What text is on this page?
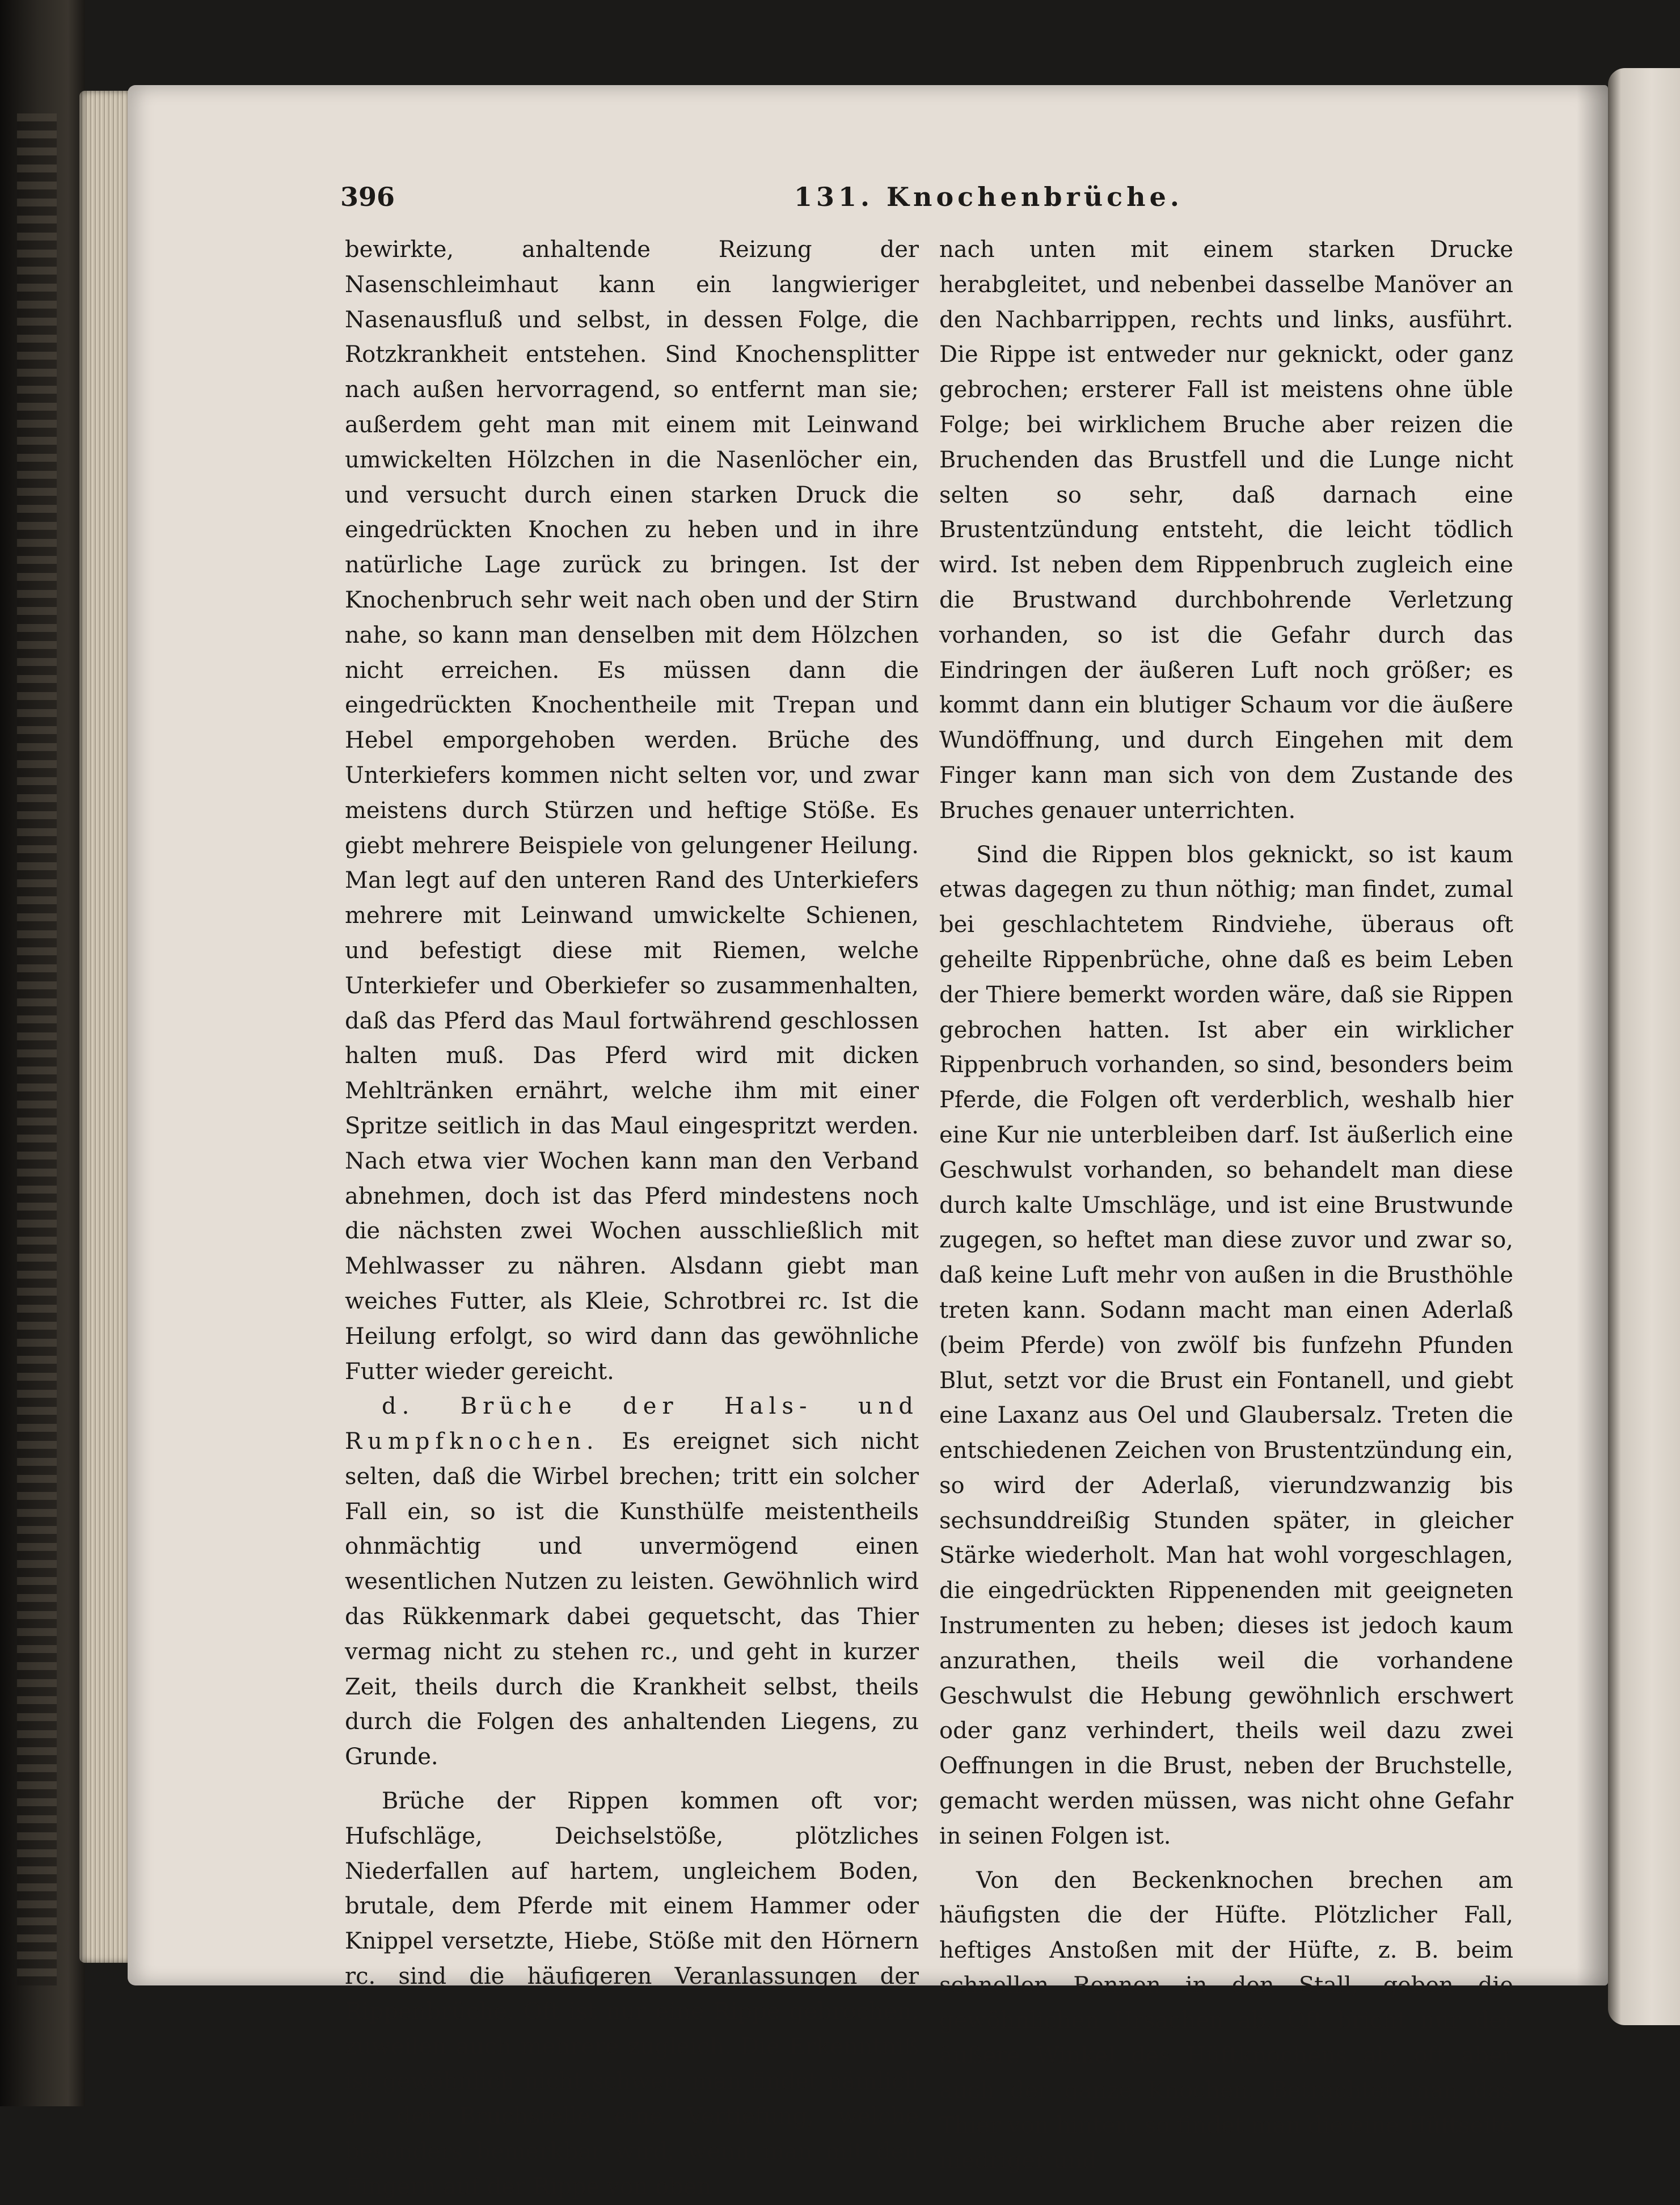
396	131. Knochenbrüche.

bewirkte, anhaltende Reizung der Nasenschleimhaut kann ein langwieriger Nasenausfluß und selbst, in dessen Folge, die Rotzkrankheit entstehen. Sind Knochensplitter nach außen hervorragend, so entfernt man sie; außerdem geht man mit einem mit Leinwand umwickelten Hölzchen in die Nasenlöcher ein, und versucht durch einen starken Druck die eingedrückten Knochen zu heben und in ihre natürliche Lage zurück zu bringen. Ist der Knochenbruch sehr weit nach oben und der Stirn nahe, so kann man denselben mit dem Hölzchen nicht erreichen. Es müssen dann die eingedrückten Knochentheile mit Trepan und Hebel emporgehoben werden. Brüche des Unterkiefers kommen nicht selten vor, und zwar meistens durch Stürzen und heftige Stöße. Es giebt mehrere Beispiele von gelungener Heilung. Man legt auf den unteren Rand des Unterkiefers mehrere mit Leinwand umwickelte Schienen, und befestigt diese mit Riemen, welche Unterkiefer und Oberkiefer so zusammenhalten, daß das Pferd das Maul fortwährend geschlossen halten muß. Das Pferd wird mit dicken Mehltränken ernährt, welche ihm mit einer Spritze seitlich in das Maul eingespritzt werden. Nach etwa vier Wochen kann man den Verband abnehmen, doch ist das Pferd mindestens noch die nächsten zwei Wochen ausschließlich mit Mehlwasser zu nähren. Alsdann giebt man weiches Futter, als Kleie, Schrotbrei rc. Ist die Heilung erfolgt, so wird dann das gewöhnliche Futter wieder gereicht.

d. Brüche der Hals- und Rumpfknochen. Es ereignet sich nicht selten, daß die Wirbel brechen; tritt ein solcher Fall ein, so ist die Kunsthülfe meistentheils ohnmächtig und unvermögend einen wesentlichen Nutzen zu leisten. Gewöhnlich wird das Rükkenmark dabei gequetscht, das Thier vermag nicht zu stehen rc., und geht in kurzer Zeit, theils durch die Krankheit selbst, theils durch die Folgen des anhaltenden Liegens, zu Grunde.

Brüche der Rippen kommen oft vor; Hufschläge, Deichselstöße, plötzliches Niederfallen auf hartem, ungleichem Boden, brutale, dem Pferde mit einem Hammer oder Knippel versetzte, Hiebe, Stöße mit den Hörnern rc. sind die häufigeren Veranlassungen der Rippenbrüche. Oft ist nur eine Rippe gebrochen, zuweilen auch mehrere zugleich. Die Erkenntniß ist gewöhnlich nicht schwer; man findet nämlich an der Bruchstelle eine Vertiefung, welche besonders bemerkbar wird, wenn man mit den Fingern auf der Rippe von oben

nach unten mit einem starken Drucke herabgleitet, und nebenbei dasselbe Manöver an den Nachbarrippen, rechts und links, ausführt. Die Rippe ist entweder nur geknickt, oder ganz gebrochen; ersterer Fall ist meistens ohne üble Folge; bei wirklichem Bruche aber reizen die Bruchenden das Brustfell und die Lunge nicht selten so sehr, daß darnach eine Brustentzündung entsteht, die leicht tödlich wird. Ist neben dem Rippenbruch zugleich eine die Brustwand durchbohrende Verletzung vorhanden, so ist die Gefahr durch das Eindringen der äußeren Luft noch größer; es kommt dann ein blutiger Schaum vor die äußere Wundöffnung, und durch Eingehen mit dem Finger kann man sich von dem Zustande des Bruches genauer unterrichten.

Sind die Rippen blos geknickt, so ist kaum etwas dagegen zu thun nöthig; man findet, zumal bei geschlachtetem Rindviehe, überaus oft geheilte Rippenbrüche, ohne daß es beim Leben der Thiere bemerkt worden wäre, daß sie Rippen gebrochen hatten. Ist aber ein wirklicher Rippenbruch vorhanden, so sind, besonders beim Pferde, die Folgen oft verderblich, weshalb hier eine Kur nie unterbleiben darf. Ist äußerlich eine Geschwulst vorhanden, so behandelt man diese durch kalte Umschläge, und ist eine Brustwunde zugegen, so heftet man diese zuvor und zwar so, daß keine Luft mehr von außen in die Brusthöhle treten kann. Sodann macht man einen Aderlaß (beim Pferde) von zwölf bis funfzehn Pfunden Blut, setzt vor die Brust ein Fontanell, und giebt eine Laxanz aus Oel und Glaubersalz. Treten die entschiedenen Zeichen von Brustentzündung ein, so wird der Aderlaß, vierundzwanzig bis sechsunddreißig Stunden später, in gleicher Stärke wiederholt. Man hat wohl vorgeschlagen, die eingedrückten Rippenenden mit geeigneten Instrumenten zu heben; dieses ist jedoch kaum anzurathen, theils weil die vorhandene Geschwulst die Hebung gewöhnlich erschwert oder ganz verhindert, theils weil dazu zwei Oeffnungen in die Brust, neben der Bruchstelle, gemacht werden müssen, was nicht ohne Gefahr in seinen Folgen ist.

Von den Beckenknochen brechen am häufigsten die der Hüfte. Plötzlicher Fall, heftiges Anstoßen mit der Hüfte, z. B. beim schnellen Rennen in den Stall, geben die gewöhnlichen Ursachen ab. Oft bricht nur der äußere Winkel des Hüftknochens ab, oft aber auch der ganze Knochen. Betrachtet man das Thier von hinten, so findet man die eine Hüftseite niedriger und
